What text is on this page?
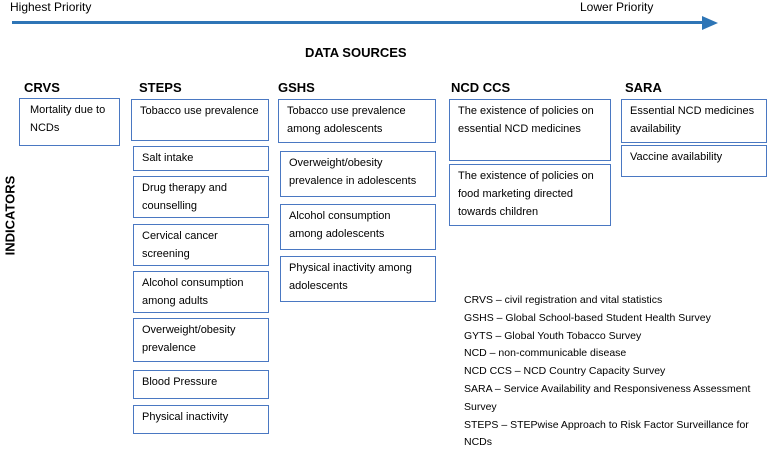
Highest Priority	Lower Priority
DATA SOURCES
INDICATORS
CRVS
Mortality due to NCDs
STEPS
Tobacco use prevalence
Salt intake
Drug therapy and counselling
Cervical cancer screening
Alcohol consumption among adults
Overweight/obesity prevalence
Blood Pressure
Physical inactivity
GSHS
Tobacco use prevalence among adolescents
Overweight/obesity prevalence in adolescents
Alcohol consumption among adolescents
Physical inactivity among adolescents
NCD CCS
The existence of policies on essential NCD medicines
The existence of policies on food marketing directed towards children
SARA
Essential NCD medicines availability
Vaccine availability
CRVS – civil registration and vital statistics
GSHS – Global School-based Student Health Survey
GYTS – Global Youth Tobacco Survey
NCD – non-communicable disease
NCD CCS – NCD Country Capacity Survey
SARA – Service Availability and Responsiveness Assessment Survey
STEPS – STEPwise Approach to Risk Factor Surveillance for NCDs
